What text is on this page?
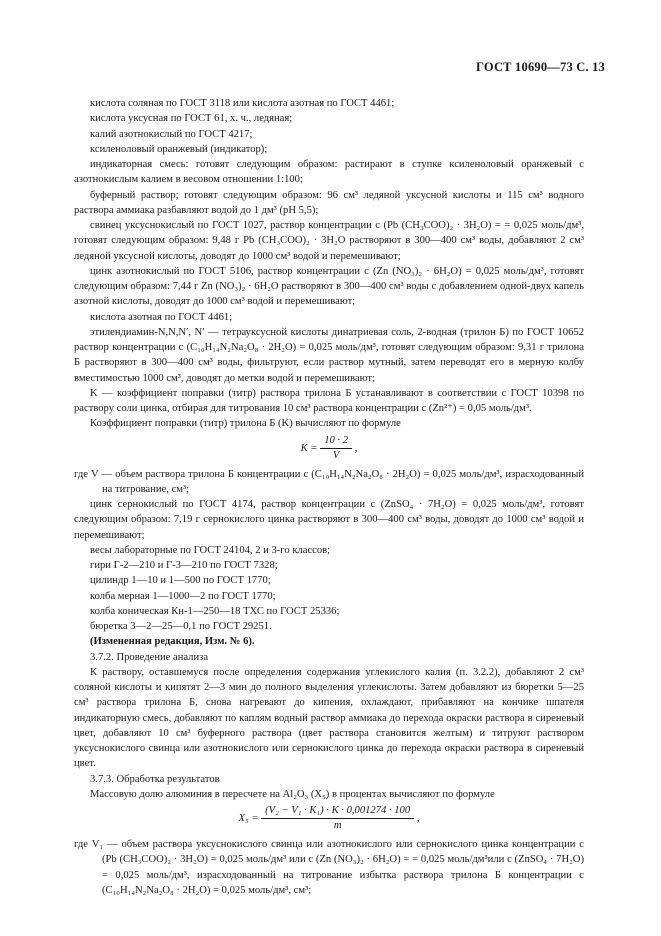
ГОСТ 10690—73 С. 13

кислота соляная по ГОСТ 3118 или кислота азотная по ГОСТ 4461;

кислота уксусная по ГОСТ 61, х. ч., ледяная;

калий азотнокислый по ГОСТ 4217;

ксиленоловый оранжевый (индикатор);

индикаторная смесь: готовят следующим образом: растирают в ступке ксиленоловый оранжевый с азотнокислым калием в весовом отношении 1:100;

буферный раствор; готовят следующим образом: 96 см³ ледяной уксусной кислоты и 115 см³ водного раствора аммиака разбавляют водой до 1 дм³ (рН 5,5);

свинец уксуснокислый по ГОСТ 1027, раствор концентрации с (Pb (CH₃COO)₂ · 3H₂O) = = 0,025 моль/дм³, готовят следующим образом: 9,48 г Pb (CH₃COO)₂ · 3H₂O растворяют в 300—400 см³ воды, добавляют 2 см³ ледяной уксусной кислоты, доводят до 1000 см³ водой и перемешивают;

цинк азотнокислый по ГОСТ 5106, раствор концентрации с (Zn (NO₃)₂ · 6H₂O) = 0,025 моль/дм³, готовят следующим образом: 7,44 г Zn (NO₃)₂ · 6H₂O растворяют в 300—400 см³ воды с добавлением одной-двух капель азотной кислоты, доводят до 1000 см³ водой и перемешивают;

кислота азотная по ГОСТ 4461;

этилендиамин-N,N,N′, N′ — тетрауксусной кислоты динатриевая соль, 2-водная (трилон Б) по ГОСТ 10652 раствор концентрации с (C₁₀H₁₄N₂Na₂O₈ · 2H₂O) = 0,025 моль/дм³, готовят следующим образом: 9,31 г трилона Б растворяют в 300—400 см³ воды, фильтруют, если раствор мутный, затем переводят его в мерную колбу вместимостью 1000 см³, доводят до метки водой и перемешивают;

K — коэффициент поправки (титр) раствора трилона Б устанавливают в соответствии с ГОСТ 10398 по раствору соли цинка, отбирая для титрования 10 см³ раствора концентрации с (Zn²⁺) = 0,05 моль/дм³.

Коэффициент поправки (титр) трилона Б (K) вычисляют по формуле

$K = \frac{10 \cdot 2}{V}$ ,

где V — объем раствора трилона Б концентрации с (C₁₀H₁₄N₂Na₂O₈ · 2H₂O) = 0,025 моль/дм³, израсходованный на титрование, см³;

цинк сернокислый по ГОСТ 4174, раствор концентрации с (ZnSO₄ · 7H₂O) = 0,025 моль/дм³, готовят следующим образом: 7,19 г сернокислого цинка растворяют в 300—400 см³ воды, доводят до 1000 см³ водой и перемешивают;

весы лабораторные по ГОСТ 24104, 2 и 3-го классов;

гири Г-2—210 и Г-3—210 по ГОСТ 7328;

цилиндр 1—10 и 1—500 по ГОСТ 1770;

колба мерная 1—1000—2 по ГОСТ 1770;

колба коническая Кн-1—250—18 ТХС по ГОСТ 25336;

бюретка 3—2—25—0,1 по ГОСТ 29251.

(Измененная редакция, Изм. № 6).

3.7.2. Проведение анализа

К раствору, оставшемуся после определения содержания углекислого калия (п. 3.2.2), добавляют 2 см³ соляной кислоты и кипятят 2—3 мин до полного выделения углекислоты. Затем добавляют из бюретки 5—25 см³ раствора трилона Б, снова нагревают до кипения, охлаждают, прибавляют на кончике шпателя индикаторную смесь, добавляют по каплям водный раствор аммиака до перехода окраски раствора в сиреневый цвет, добавляют 10 см³ буферного раствора (цвет раствора становится желтым) и титруют раствором уксуснокислого свинца или азотнокислого или сернокислого цинка до перехода окраски раствора в сиреневый цвет.

3.7.3. Обработка результатов

Массовую долю алюминия в пересчете на Al₂O₃ (X₅) в процентах вычисляют по формуле

$X_5 = \frac{\text{(V₂ − V₁ · K₁) · K · 0,001274 · 100}}{m}$ ,

где V₁ — объем раствора уксуснокислого свинца или азотнокислого или сернокислого цинка концентрации с (Pb (CH₃COO)₂ · 3H₂O) = 0,025 моль/дм³ или с (Zn (NO₃)₂ · 6H₂O) = = 0,025 моль/дм³или с (ZnSO₄ · 7H₂O) = 0,025 моль/дм³, израсходованный на титрование избытка раствора трилона Б концентрации с (C₁₀H₁₄N₂Na₂O₈ · 2H₂O) = 0,025 моль/дм³, см³;
